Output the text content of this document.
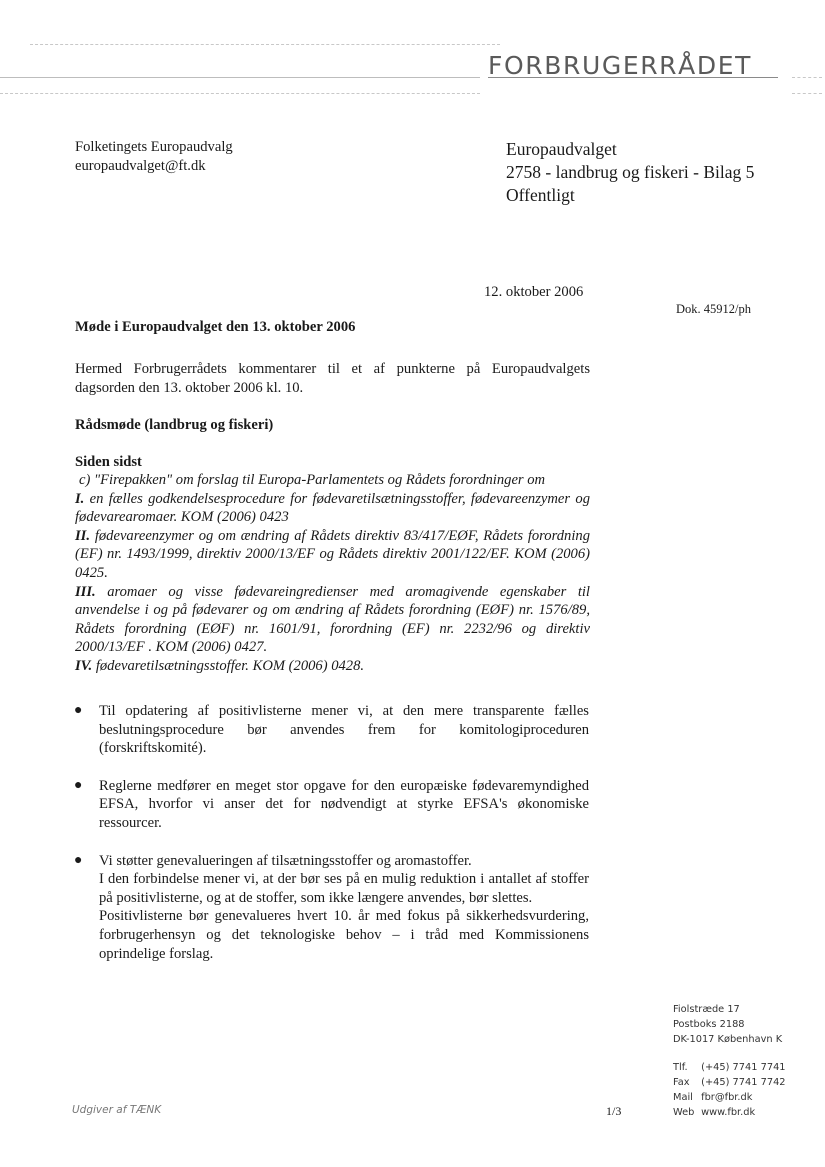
FORBRUGERRÅDET
Folketingets Europaudvalg
europaudvalget@ft.dk
Europaudvalget
2758 - landbrug og fiskeri - Bilag 5
Offentligt
12. oktober 2006
Dok. 45912/ph
Møde i Europaudvalget den 13. oktober 2006
Hermed Forbrugerrådets kommentarer til et af punkterne på Europaudvalgets dagsorden den 13. oktober 2006 kl. 10.
Rådsmøde (landbrug og fiskeri)
Siden sidst
c) "Firepakken" om forslag til Europa-Parlamentets og Rådets forordninger om
I. en fælles godkendelsesprocedure for fødevaretilsætningsstoffer, fødevareenzymer og fødevarearomaer. KOM (2006) 0423
II. fødevareenzymer og om ændring af Rådets direktiv 83/417/EØF, Rådets forordning (EF) nr. 1493/1999, direktiv 2000/13/EF og Rådets direktiv 2001/122/EF. KOM (2006) 0425.
III. aromaer og visse fødevareingredienser med aromagivende egenskaber til anvendelse i og på fødevarer og om ændring af Rådets forordning (EØF) nr. 1576/89, Rådets forordning (EØF) nr. 1601/91, forordning (EF) nr. 2232/96 og direktiv 2000/13/EF . KOM (2006) 0427.
IV. fødevaretilsætningsstoffer. KOM (2006) 0428.
● Til opdatering af positivlisterne mener vi, at den mere transparente fælles beslutningsprocedure bør anvendes frem for komitologiproceduren (forskriftskomité).
● Reglerne medfører en meget stor opgave for den europæiske fødevaremyndighed EFSA, hvorfor vi anser det for nødvendigt at styrke EFSA's økonomiske ressourcer.
● Vi støtter genevalueringen af tilsætningsstoffer og aromastoffer.
I den forbindelse mener vi, at der bør ses på en mulig reduktion i antallet af stoffer på positivlisterne, og at de stoffer, som ikke længere anvendes, bør slettes.
Positivlisterne bør genevalueres hvert 10. år med fokus på sikkerhedsvurdering, forbrugerhensyn og det teknologiske behov – i tråd med Kommissionens oprindelige forslag.
Fiolstræde 17
Postboks 2188
DK-1017 København K
Tlf. (+45) 7741 7741
Fax (+45) 7741 7742
Mail fbr@fbr.dk
Web www.fbr.dk
Udgiver af TÆNK	1/3
